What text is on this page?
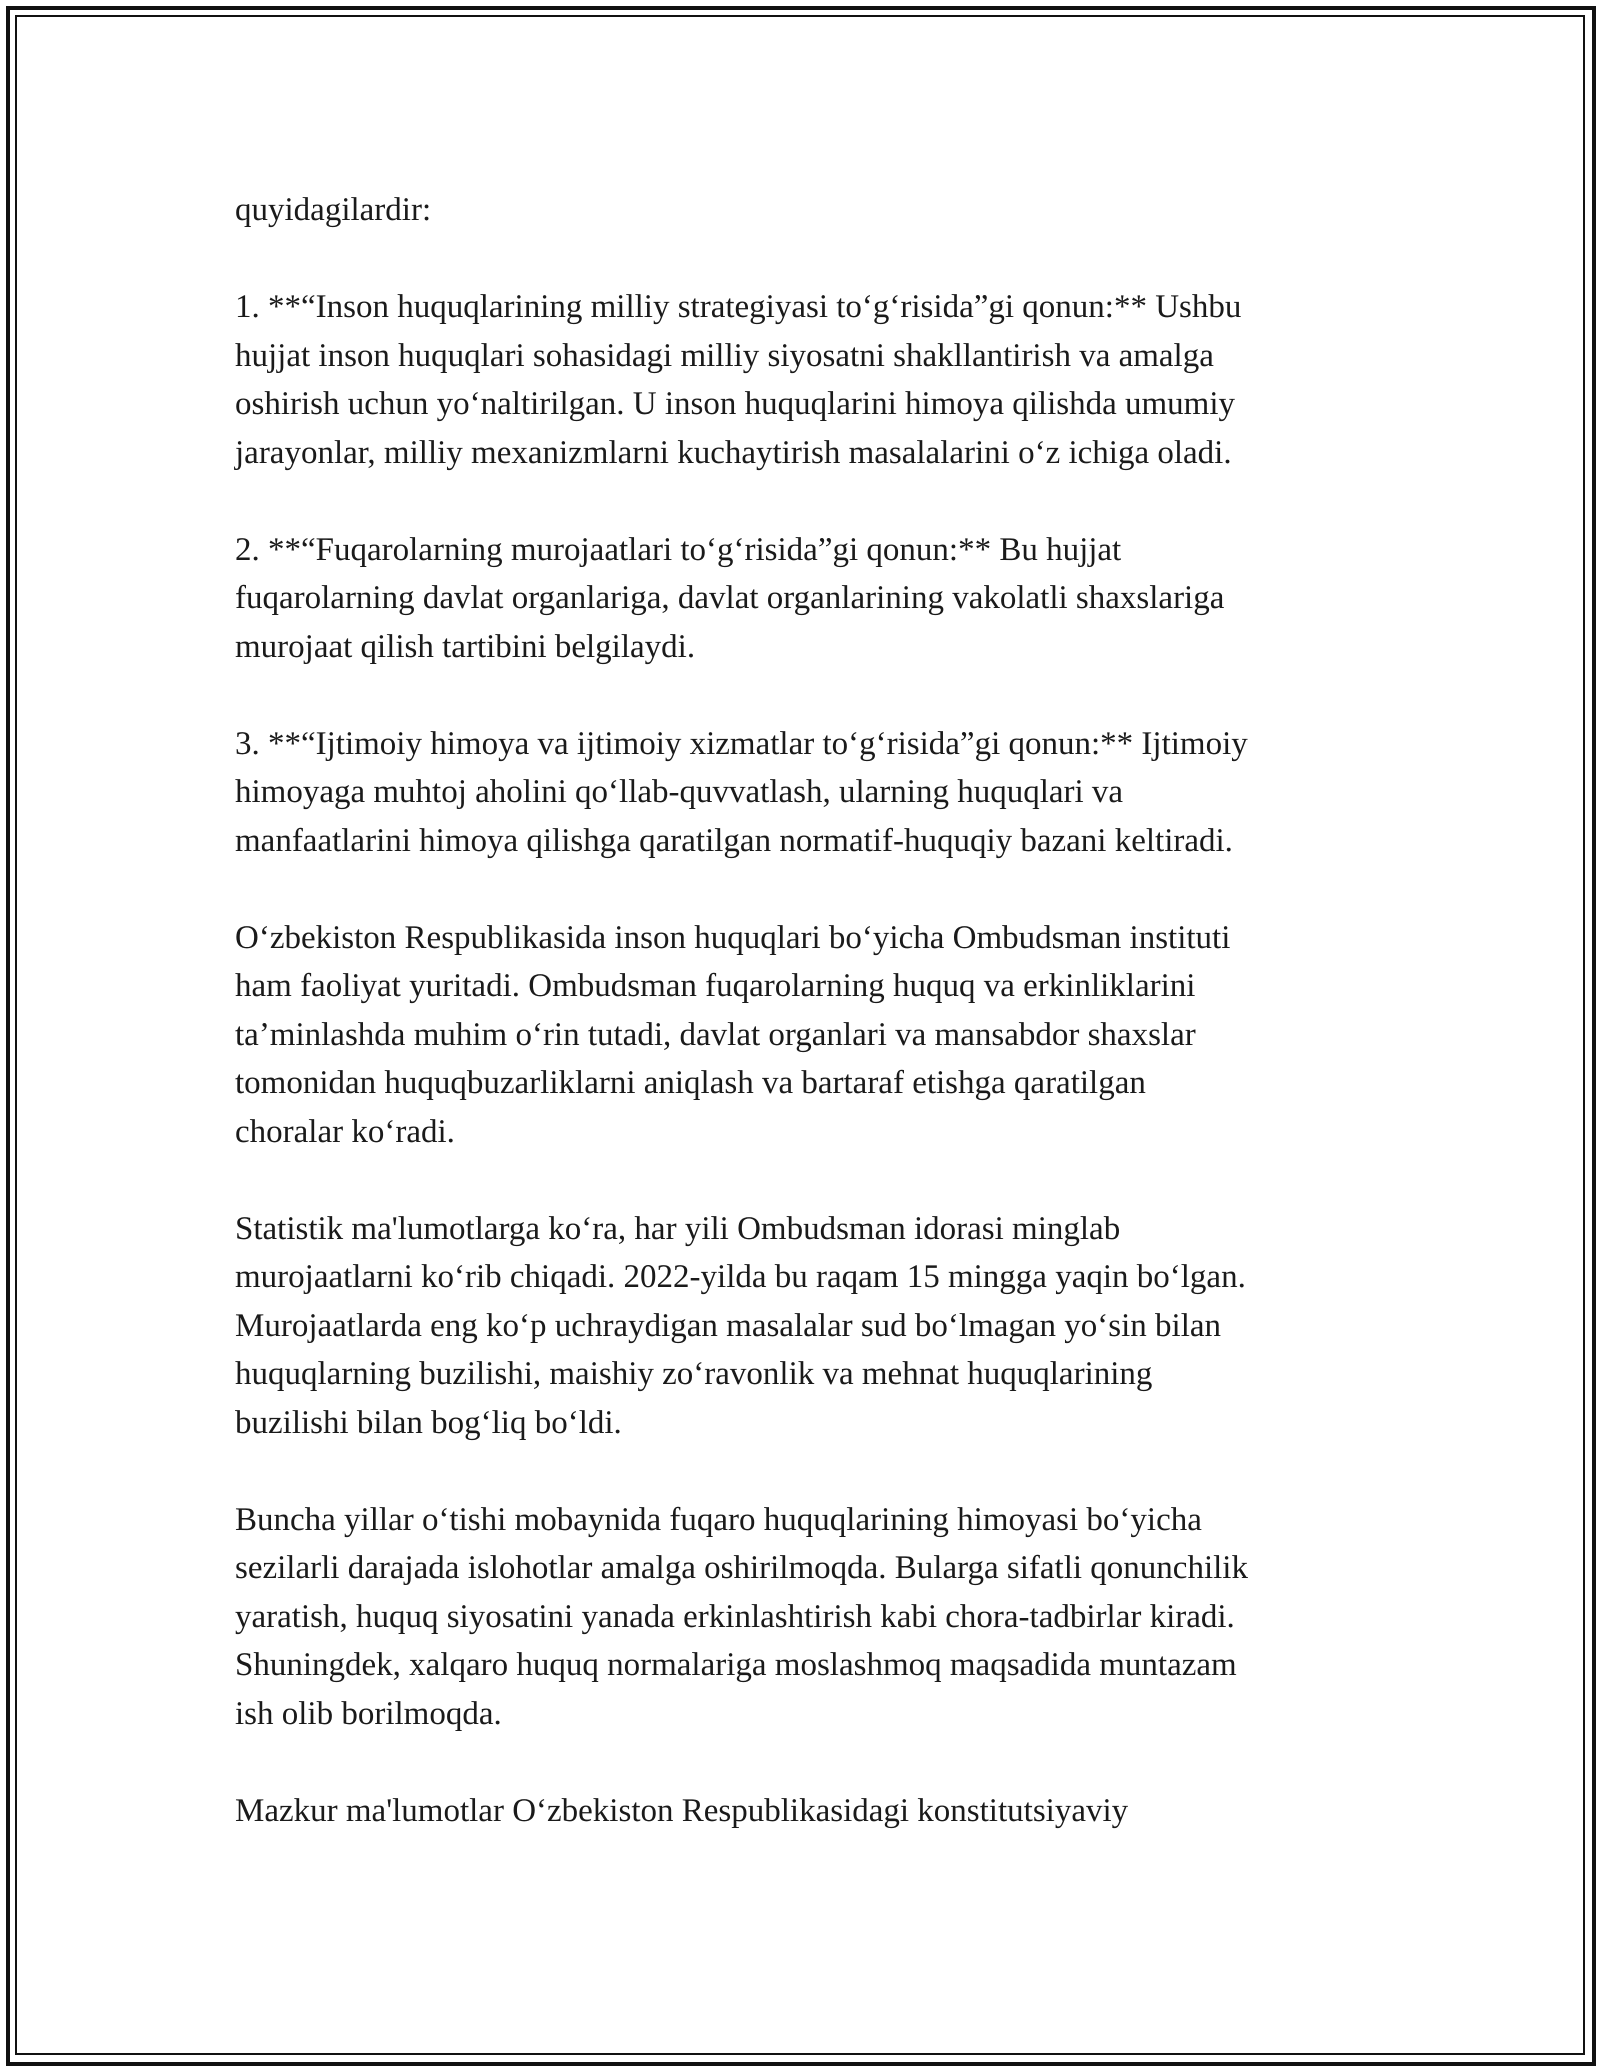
quyidagilardir:
1. **“Inson huquqlarining milliy strategiyasi to‘g‘risida”gi qonun:** Ushbu
hujjat inson huquqlari sohasidagi milliy siyosatni shakllantirish va amalga
oshirish uchun yo‘naltirilgan. U inson huquqlarini himoya qilishda umumiy
jarayonlar, milliy mexanizmlarni kuchaytirish masalalarini o‘z ichiga oladi.
2. **“Fuqarolarning murojaatlari to‘g‘risida”gi qonun:** Bu hujjat
fuqarolarning davlat organlariga, davlat organlarining vakolatli shaxslariga
murojaat qilish tartibini belgilaydi.
3. **“Ijtimoiy himoya va ijtimoiy xizmatlar to‘g‘risida”gi qonun:** Ijtimoiy
himoyaga muhtoj aholini qo‘llab-quvvatlash, ularning huquqlari va
manfaatlarini himoya qilishga qaratilgan normatif-huquqiy bazani keltiradi.
O‘zbekiston Respublikasida inson huquqlari bo‘yicha Ombudsman instituti
ham faoliyat yuritadi. Ombudsman fuqarolarning huquq va erkinliklarini
ta’minlashda muhim o‘rin tutadi, davlat organlari va mansabdor shaxslar
tomonidan huquqbuzarliklarni aniqlash va bartaraf etishga qaratilgan
choralar ko‘radi.
Statistik ma'lumotlarga ko‘ra, har yili Ombudsman idorasi minglab
murojaatlarni ko‘rib chiqadi. 2022-yilda bu raqam 15 mingga yaqin bo‘lgan.
Murojaatlarda eng ko‘p uchraydigan masalalar sud bo‘lmagan yo‘sin bilan
huquqlarning buzilishi, maishiy zo‘ravonlik va mehnat huquqlarining
buzilishi bilan bog‘liq bo‘ldi.
Buncha yillar o‘tishi mobaynida fuqaro huquqlarining himoyasi bo‘yicha
sezilarli darajada islohotlar amalga oshirilmoqda. Bularga sifatli qonunchilik
yaratish, huquq siyosatini yanada erkinlashtirish kabi chora-tadbirlar kiradi.
Shuningdek, xalqaro huquq normalariga moslashmoq maqsadida muntazam
ish olib borilmoqda.
Mazkur ma'lumotlar O‘zbekiston Respublikasidagi konstitutsiyaviy
